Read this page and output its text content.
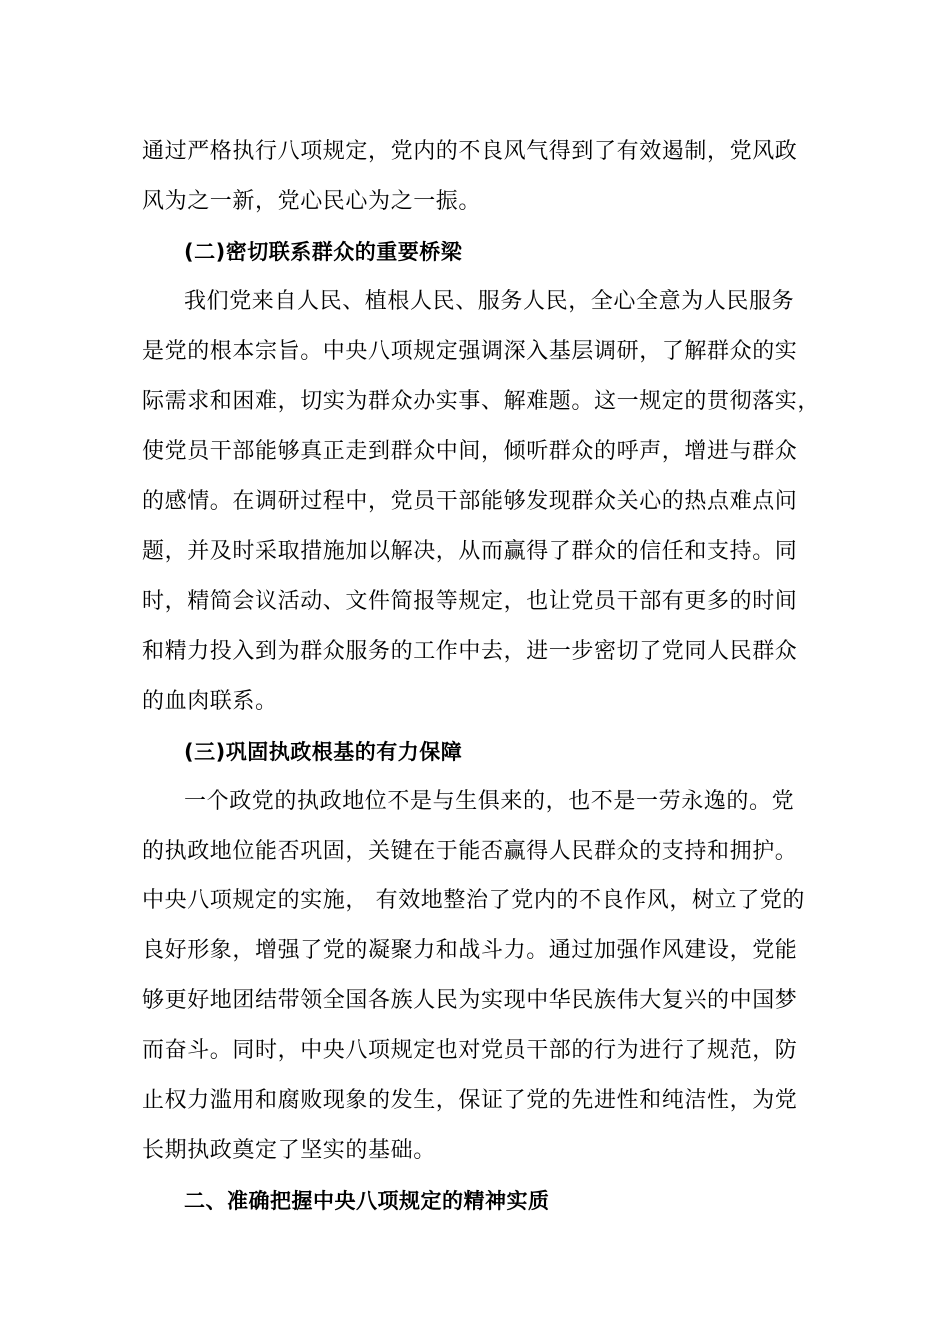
通过严格执行八项规定，党内的不良风气得到了有效遏制，党风政
风为之一新，党心民心为之一振。
(二)密切联系群众的重要桥梁
我们党来自人民、植根人民、服务人民，全心全意为人民服务
是党的根本宗旨。中央八项规定强调深入基层调研，了解群众的实
际需求和困难，切实为群众办实事、解难题。这一规定的贯彻落实，
使党员干部能够真正走到群众中间，倾听群众的呼声，增进与群众
的感情。在调研过程中，党员干部能够发现群众关心的热点难点问
题，并及时采取措施加以解决，从而赢得了群众的信任和支持。同
时，精简会议活动、文件简报等规定，也让党员干部有更多的时间
和精力投入到为群众服务的工作中去，进一步密切了党同人民群众
的血肉联系。
(三)巩固执政根基的有力保障
一个政党的执政地位不是与生俱来的，也不是一劳永逸的。党
的执政地位能否巩固，关键在于能否赢得人民群众的支持和拥护。
中央八项规定的实施， 有效地整治了党内的不良作风，树立了党的
良好形象，增强了党的凝聚力和战斗力。通过加强作风建设，党能
够更好地团结带领全国各族人民为实现中华民族伟大复兴的中国梦
而奋斗。同时，中央八项规定也对党员干部的行为进行了规范，防
止权力滥用和腐败现象的发生，保证了党的先进性和纯洁性，为党
长期执政奠定了坚实的基础。
二、准确把握中央八项规定的精神实质
